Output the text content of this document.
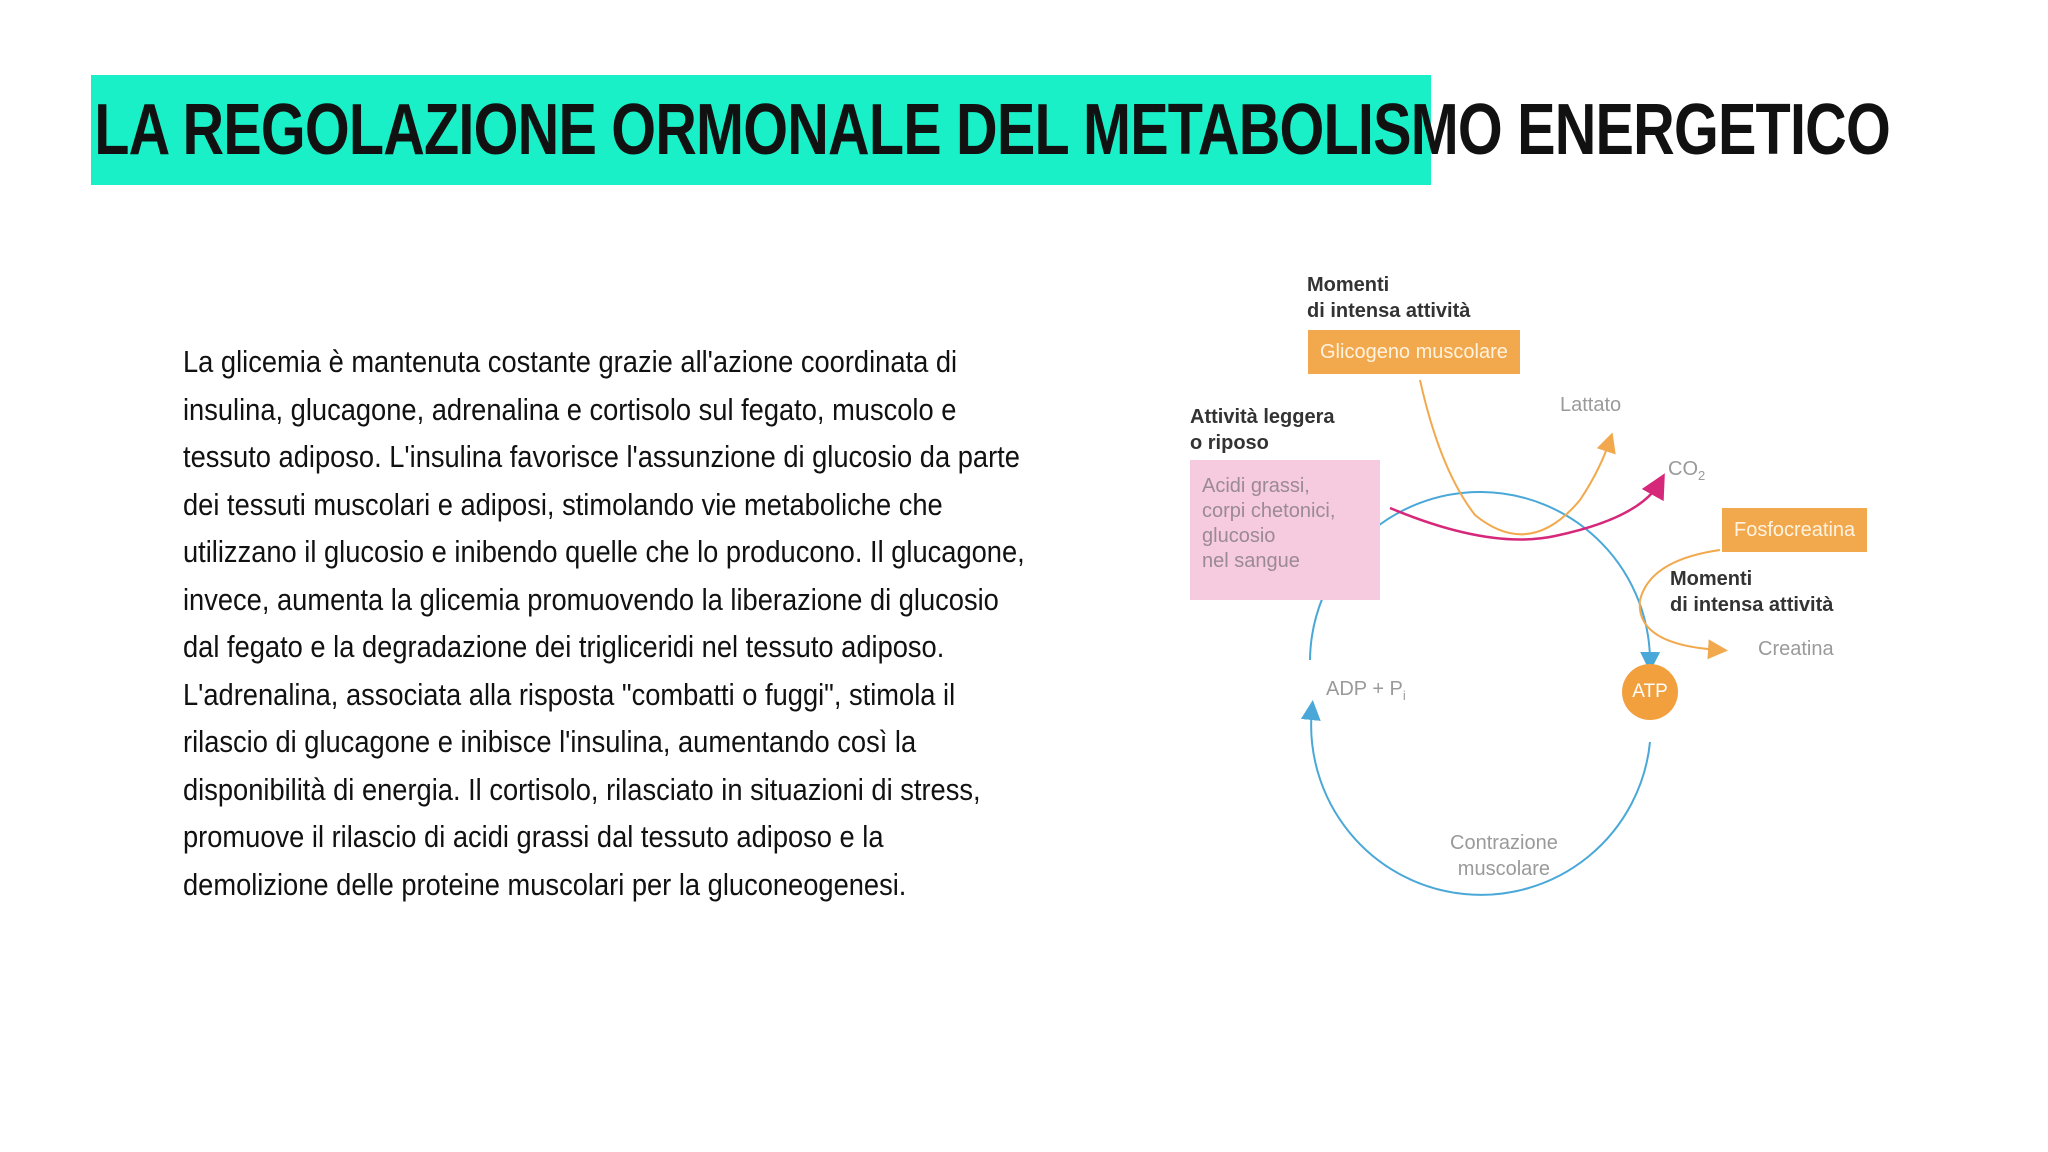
LA REGOLAZIONE ORMONALE DEL METABOLISMO ENERGETICO

La glicemia è mantenuta costante grazie all'azione coordinata di

insulina, glucagone, adrenalina e cortisolo sul fegato, muscolo e

tessuto adiposo. L'insulina favorisce l'assunzione di glucosio da parte

dei tessuti muscolari e adiposi, stimolando vie metaboliche che

utilizzano il glucosio e inibendo quelle che lo producono. Il glucagone,

invece, aumenta la glicemia promuovendo la liberazione di glucosio

dal fegato e la degradazione dei trigliceridi nel tessuto adiposo.

L'adrenalina, associata alla risposta "combatti o fuggi", stimola il

rilascio di glucagone e inibisce l'insulina, aumentando così la

disponibilità di energia. Il cortisolo, rilasciato in situazioni di stress,

promuove il rilascio di acidi grassi dal tessuto adiposo e la

demolizione delle proteine muscolari per la gluconeogenesi.

Momenti
di intensa attività
Glicogeno muscolare
Lattato
Attività leggera
o riposo
Acidi grassi,
corpi chetonici,
glucosio
nel sangue
$CO_2$
Fosfocreatina
Momenti
di intensa attività
Creatina
ADP + $P_i$	ATP
Contrazione
muscolare
